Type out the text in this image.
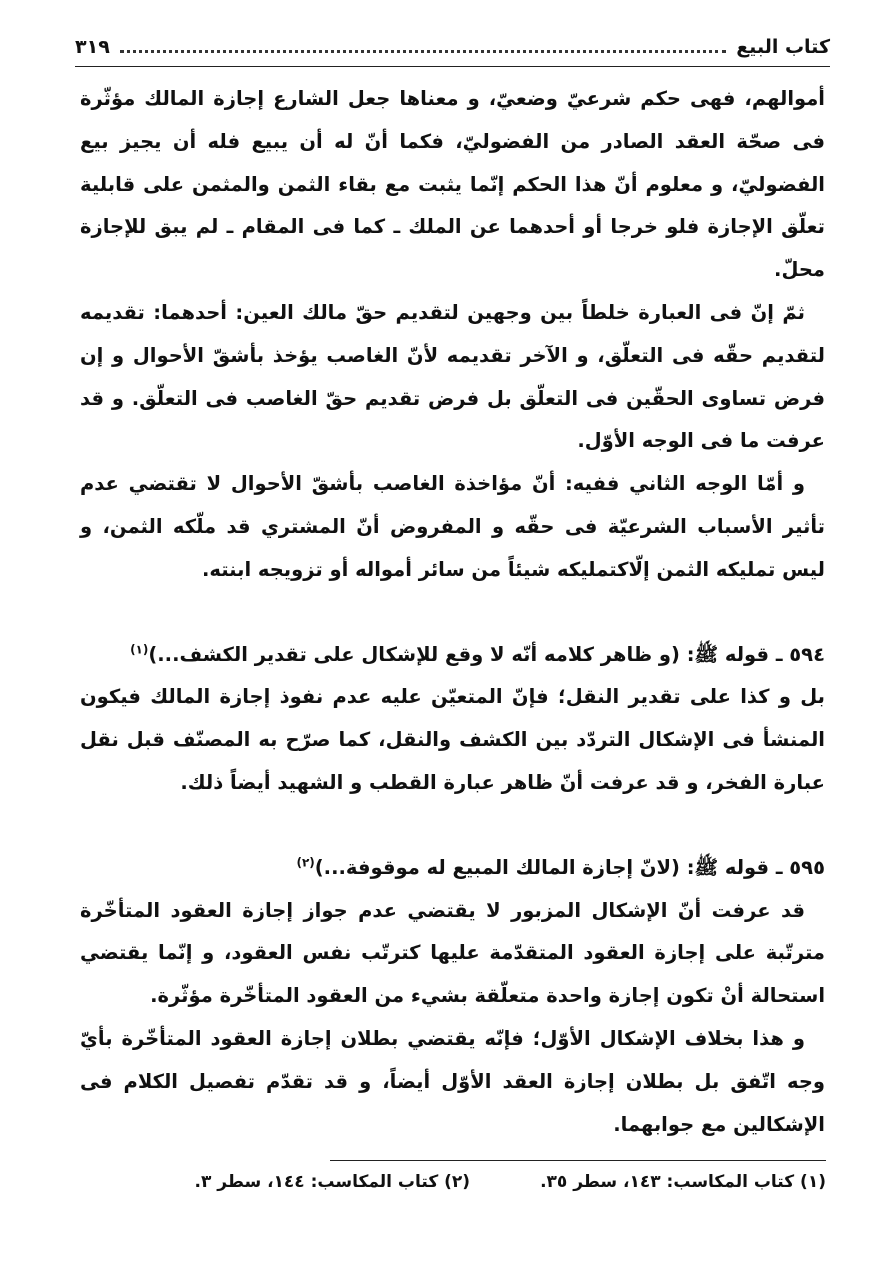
كتاب البيع
٣١٩

أموالهم، فهى حكم شرعيّ وضعيّ، و معناها جعل الشارع إجازة المالك مؤثّرة فى صحّة العقد الصادر من الفضوليّ، فكما أنّ له أن يبيع فله أن يجيز بيع الفضوليّ، و معلوم أنّ هذا الحكم إنّما يثبت مع بقاء الثمن والمثمن على قابلية تعلّق الإجازة فلو خرجا أو أحدهما عن الملك ـ كما فى المقام ـ لم يبق للإجازة محلّ.

ثمّ إنّ فى العبارة خلطاً بين وجهين لتقديم حقّ مالك العين: أحدهما: تقديمه لتقديم حقّه فى التعلّق، و الآخر تقديمه لأنّ الغاصب يؤخذ بأشقّ الأحوال و إن فرض تساوى الحقّين فى التعلّق بل فرض تقديم حقّ الغاصب فى التعلّق. و قد عرفت ما فى الوجه الأوّل.

و أمّا الوجه الثاني ففيه: أنّ مؤاخذة الغاصب بأشقّ الأحوال لا تقتضي عدم تأثير الأسباب الشرعيّة فى حقّه و المفروض أنّ المشتري قد ملّكه الثمن، و ليس تمليكه الثمن إلّاكتمليكه شيئاً من سائر أمواله أو تزويجه ابنته.

٥٩٤ ـ قوله ﷺ: (و ظاهر كلامه أنّه لا وقع للإشكال على تقدير الكشف...)$^{(١)}$

بل و كذا على تقدير النقل؛ فإنّ المتعيّن عليه عدم نفوذ إجازة المالك فيكون المنشأ فى الإشكال التردّد بين الكشف والنقل، كما صرّح به المصنّف قبل نقل عبارة الفخر، و قد عرفت أنّ ظاهر عبارة القطب و الشهيد أيضاً ذلك.

٥٩٥ ـ قوله ﷺ: (لانّ إجازة المالك المبيع له موقوفة...)$^{(٢)}$

قد عرفت أنّ الإشكال المزبور لا يقتضي عدم جواز إجازة العقود المتأخّرة مترتّبة على إجازة العقود المتقدّمة عليها كترتّب نفس العقود، و إنّما يقتضي استحالة أنْ تكون إجازة واحدة متعلّقة بشيء من العقود المتأخّرة مؤثّرة.

و هذا بخلاف الإشكال الأوّل؛ فإنّه يقتضي بطلان إجازة العقود المتأخّرة بأيّ وجه اتّفق بل بطلان إجازة العقد الأوّل أيضاً، و قد تقدّم تفصيل الكلام فى الإشكالين مع جوابهما.

(١) كتاب المكاسب: ١٤٣، سطر ٣٥.
(٢) كتاب المكاسب: ١٤٤، سطر ٣.
